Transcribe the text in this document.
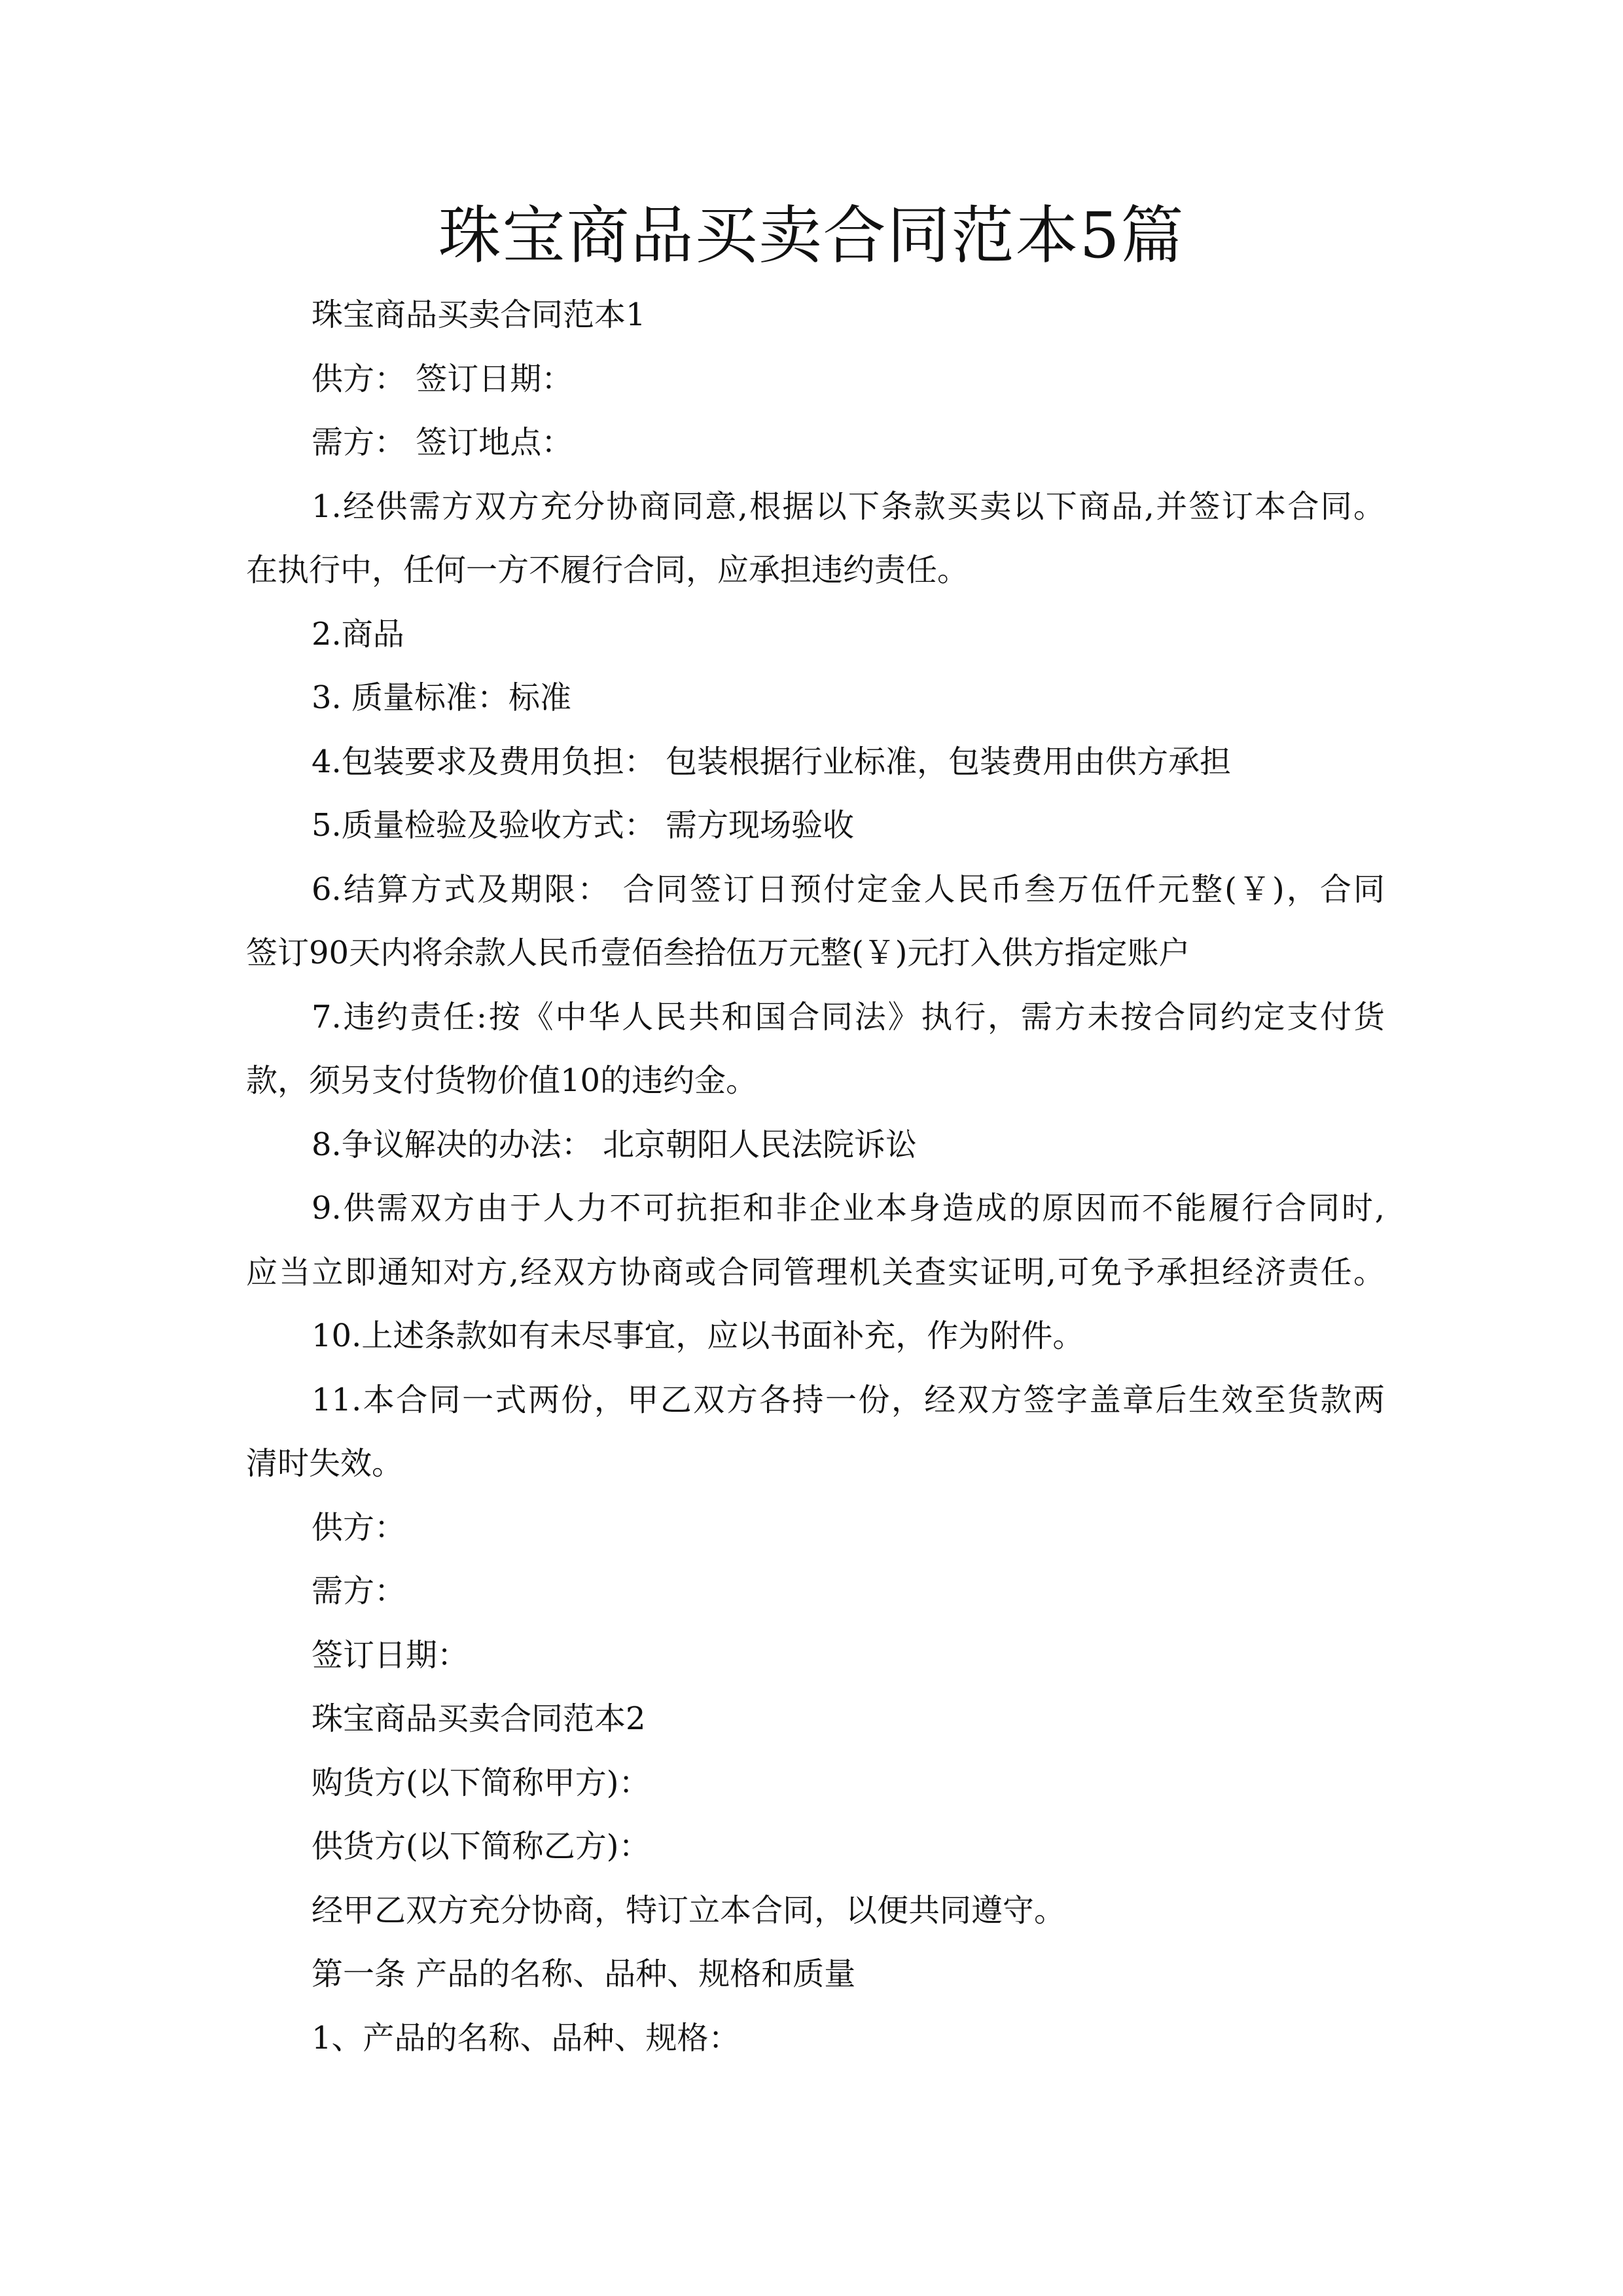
珠宝商品买卖合同范本5篇
珠宝商品买卖合同范本1
供方： 签订日期：
需方： 签订地点：
1.经供需方双方充分协商同意,根据以下条款买卖以下商品,并签订本合同。
在执行中，任何一方不履行合同，应承担违约责任。
2.商品
3. 质量标准：标准
4.包装要求及费用负担： 包装根据行业标准，包装费用由供方承担
5.质量检验及验收方式： 需方现场验收
6.结算方式及期限： 合同签订日预付定金人民币叁万伍仟元整(￥)，合同
签订90天内将余款人民币壹佰叁拾伍万元整(￥)元打入供方指定账户
7.违约责任:按《中华人民共和国合同法》执行，需方未按合同约定支付货
款，须另支付货物价值10的违约金。
8.争议解决的办法： 北京朝阳人民法院诉讼
9.供需双方由于人力不可抗拒和非企业本身造成的原因而不能履行合同时,
应当立即通知对方,经双方协商或合同管理机关查实证明,可免予承担经济责任。
10.上述条款如有未尽事宜，应以书面补充，作为附件。
11.本合同一式两份，甲乙双方各持一份，经双方签字盖章后生效至货款两
清时失效。
供方：
需方：
签订日期：
珠宝商品买卖合同范本2
购货方(以下简称甲方)：
供货方(以下简称乙方)：
经甲乙双方充分协商，特订立本合同，以便共同遵守。
第一条 产品的名称、品种、规格和质量
1、产品的名称、品种、规格：
